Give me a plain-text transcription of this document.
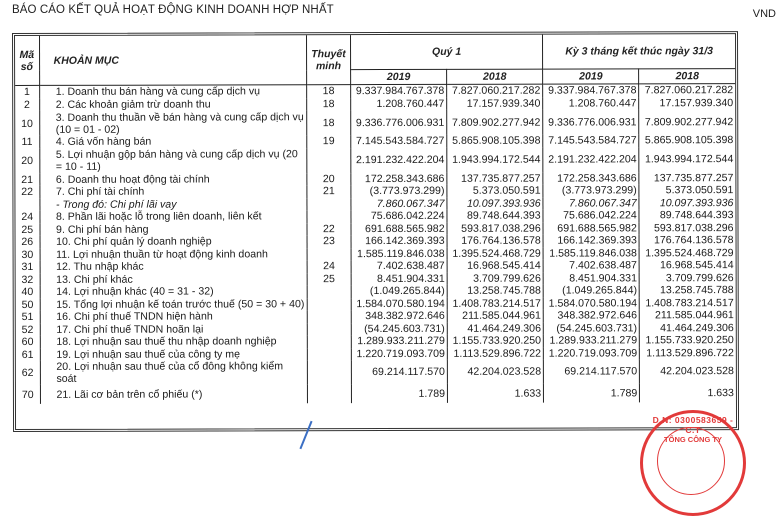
BÁO CÁO KẾT QUẢ HOẠT ĐỘNG KINH DOANH HỢP NHẤT	VND
Mã số	KHOẢN MỤC	Thuyết minh	Quý 1		Kỳ 3 tháng kết thúc ngày 31/3	
			2019	2018	2019	2018
1	1. Doanh thu bán hàng và cung cấp dịch vụ	18	9.337.984.767.378	7.827.060.217.282	9.337.984.767.378	7.827.060.217.282
2	2. Các khoản giảm trừ doanh thu	18	1.208.760.447	17.157.939.340	1.208.760.447	17.157.939.340
10	3. Doanh thu thuần về bán hàng và cung cấp dịch vụ (10 = 01 - 02)	18	9.336.776.006.931	7.809.902.277.942	9.336.776.006.931	7.809.902.277.942
11	4. Giá vốn hàng bán	19	7.145.543.584.727	5.865.908.105.398	7.145.543.584.727	5.865.908.105.398
20	5. Lợi nhuận gộp bán hàng và cung cấp dịch vụ (20 = 10 - 11)		2.191.232.422.204	1.943.994.172.544	2.191.232.422.204	1.943.994.172.544
21	6. Doanh thu hoạt động tài chính	20	172.258.343.686	137.735.877.257	172.258.343.686	137.735.877.257
22	7. Chi phí tài chính	21	(3.773.973.299)	5.373.050.591	(3.773.973.299)	5.373.050.591
	- Trong đó: Chi phí lãi vay		7.860.067.347	10.097.393.936	7.860.067.347	10.097.393.936
24	8. Phần lãi hoặc lỗ trong liên doanh, liên kết		75.686.042.224	89.748.644.393	75.686.042.224	89.748.644.393
25	9. Chi phí bán hàng	22	691.688.565.982	593.817.038.296	691.688.565.982	593.817.038.296
26	10. Chi phí quản lý doanh nghiệp	23	166.142.369.393	176.764.136.578	166.142.369.393	176.764.136.578
30	11. Lợi nhuận thuần từ hoạt động kinh doanh		1.585.119.846.038	1.395.524.468.729	1.585.119.846.038	1.395.524.468.729
31	12. Thu nhập khác	24	7.402.638.487	16.968.545.414	7.402.638.487	16.968.545.414
32	13. Chi phí khác	25	8.451.904.331	3.709.799.626	8.451.904.331	3.709.799.626
40	14. Lợi nhuận khác (40 = 31 - 32)		(1.049.265.844)	13.258.745.788	(1.049.265.844)	13.258.745.788
50	15. Tổng lợi nhuận kế toán trước thuế (50 = 30 + 40)		1.584.070.580.194	1.408.783.214.517	1.584.070.580.194	1.408.783.214.517
51	16. Chi phí thuế TNDN hiện hành		348.382.972.646	211.585.044.961	348.382.972.646	211.585.044.961
52	17. Chi phí thuế TNDN hoãn lại		(54.245.603.731)	41.464.249.306	(54.245.603.731)	41.464.249.306
60	18. Lợi nhuận sau thuế thu nhập doanh nghiệp		1.289.933.211.279	1.155.733.920.250	1.289.933.211.279	1.155.733.920.250
61	19. Lợi nhuận sau thuế của công ty mẹ		1.220.719.093.709	1.113.529.896.722	1.220.719.093.709	1.113.529.896.722
62	20. Lợi nhuận sau thuế của cổ đông không kiểm soát		69.214.117.570	42.204.023.528	69.214.117.570	42.204.023.528
70	21. Lãi cơ bản trên cổ phiếu (*)		1.789	1.633	1.789	1.633
D.N: 0300583659 - C.T
TỔNG CÔNG TY
